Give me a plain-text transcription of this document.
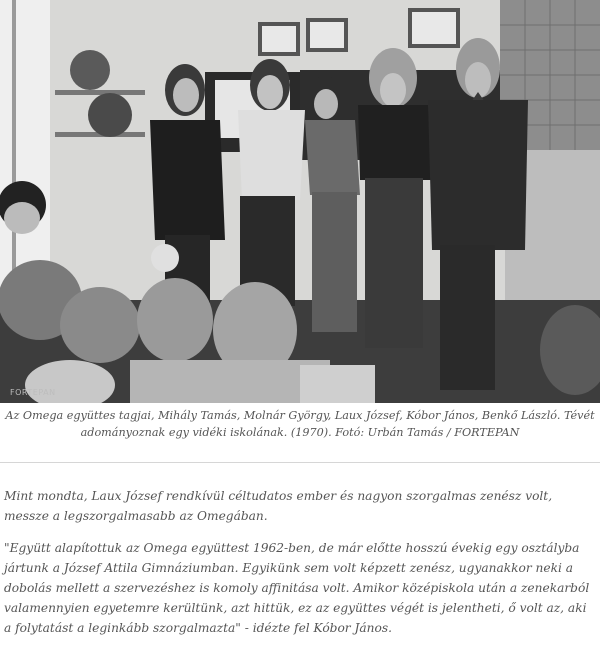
FORTEPAN
Az Omega együttes tagjai, Mihály Tamás, Molnár György, Laux József, Kóbor János, Benkő László. Tévét
adományoznak egy vidéki iskolának. (1970). Fotó: Urbán Tamás / FORTEPAN

Mint mondta, Laux József rendkívül céltudatos ember és nagyon szorgalmas zenész volt, messze a legszorgalmasabb az Omegában.

"Együtt alapítottuk az Omega együttest 1962-ben, de már előtte hosszú évekig egy osztályba jártunk a József Attila Gimnáziumban. Egyikünk sem volt képzett zenész, ugyanakkor neki a dobolás mellett a szervezéshez is komoly affinitása volt. Amikor középiskola után a zenekarból valamennyien egyetemre kerültünk, azt hittük, ez az együttes végét is jelentheti, ő volt az, aki a folytatást a leginkább szorgalmazta" - idézte fel Kóbor János.
